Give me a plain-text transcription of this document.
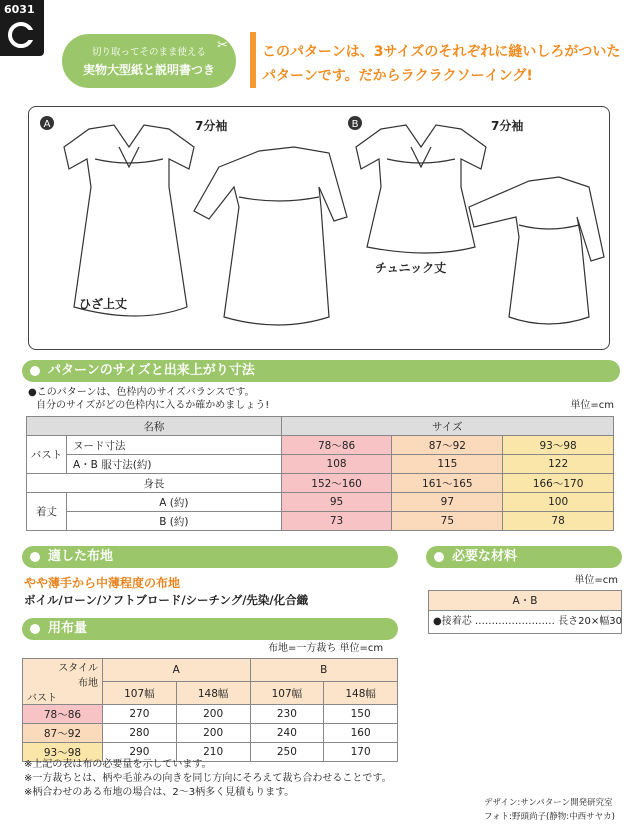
6031
✂
切り取ってそのまま使える
実物大型紙と説明書つき
このパターンは、3サイズのそれぞれに縫いしろがついた
パターンです。だからラクラクソーイング!
A	B
7分袖	7分袖
ひざ上丈
チュニック丈
パターンのサイズと出来上がり寸法
●このパターンは、色枠内のサイズバランスです。
自分のサイズがどの色枠内に入るか確かめましょう!	単位=cm
名称		サイズ		
バスト	ヌード寸法	78〜86	87〜92	93〜98
	A・B 服寸法(約)	108	115	122
身長		152〜160	161〜165	166〜170
着丈	A (約)	95	97	100
	B (約)	73	75	78
適した布地
やや薄手から中薄程度の布地
ボイル/ローン/ソフトブロード/シーチング/先染/化合織
必要な材料
単位=cm
A・B
●接着芯 …………………… 長さ20×幅30
用布量
布地=一方裁ち 単位=cm
スタイル
布地
バスト	A		B	
	107幅	148幅	107幅	148幅
78〜86	270	200	230	150
87〜92	280	200	240	160
93〜98	290	210	250	170
※上記の表は布の必要量を示しています。
※一方裁ちとは、柄や毛並みの向きを同じ方向にそろえて裁ち合わせることです。
※柄合わせのある布地の場合は、2〜3柄多く見積もります。
デザイン:サンパターン開発研究室
フォト:野頭尚子(静物:中西サヤカ)
